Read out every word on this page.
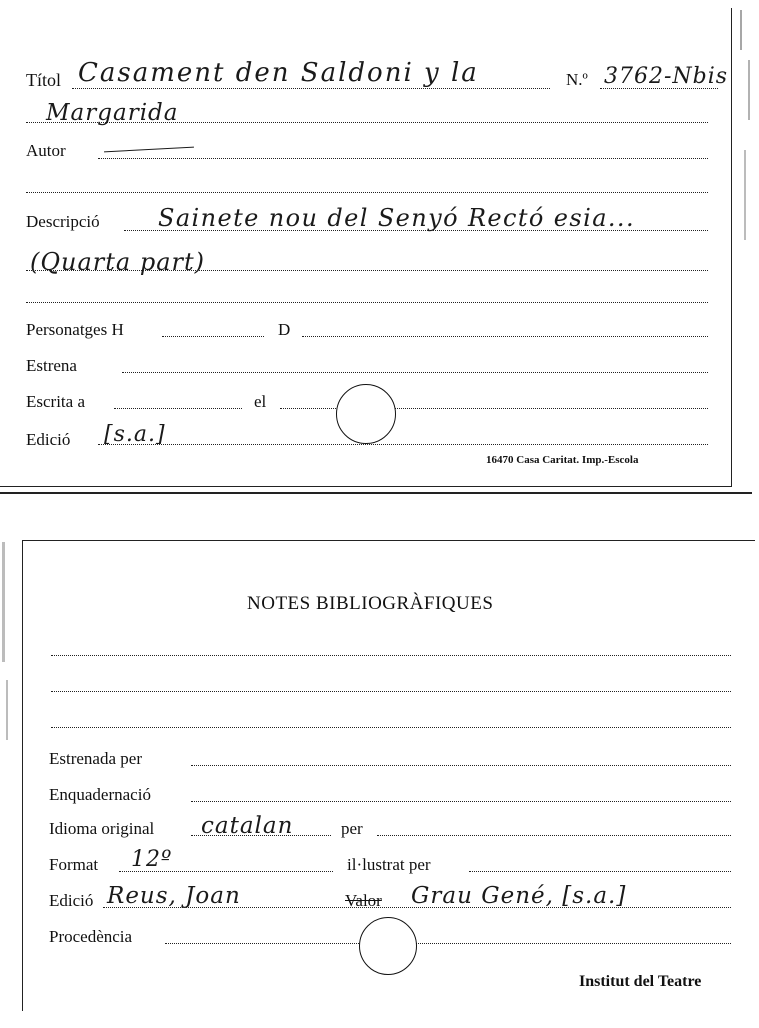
Títol Casament den Saldoni y la	N.º 3762-Nbis
Margarida
Autor
Descripció Sainete nou del Senyó Rectó esia...
(Quarta part)
Personatges H	D
Estrena
Escrita a	el
Edició [s.a.]
16470 Casa Caritat. Imp.-Escola
NOTES BIBLIOGRÀFIQUES
Estrenada per
Enquadernació
Idioma original catalan	per
Format 12º	il·lustrat per
Edició Reus, Joan	Valor Grau Gené, [s.a.]
Procedència
Institut del Teatre
